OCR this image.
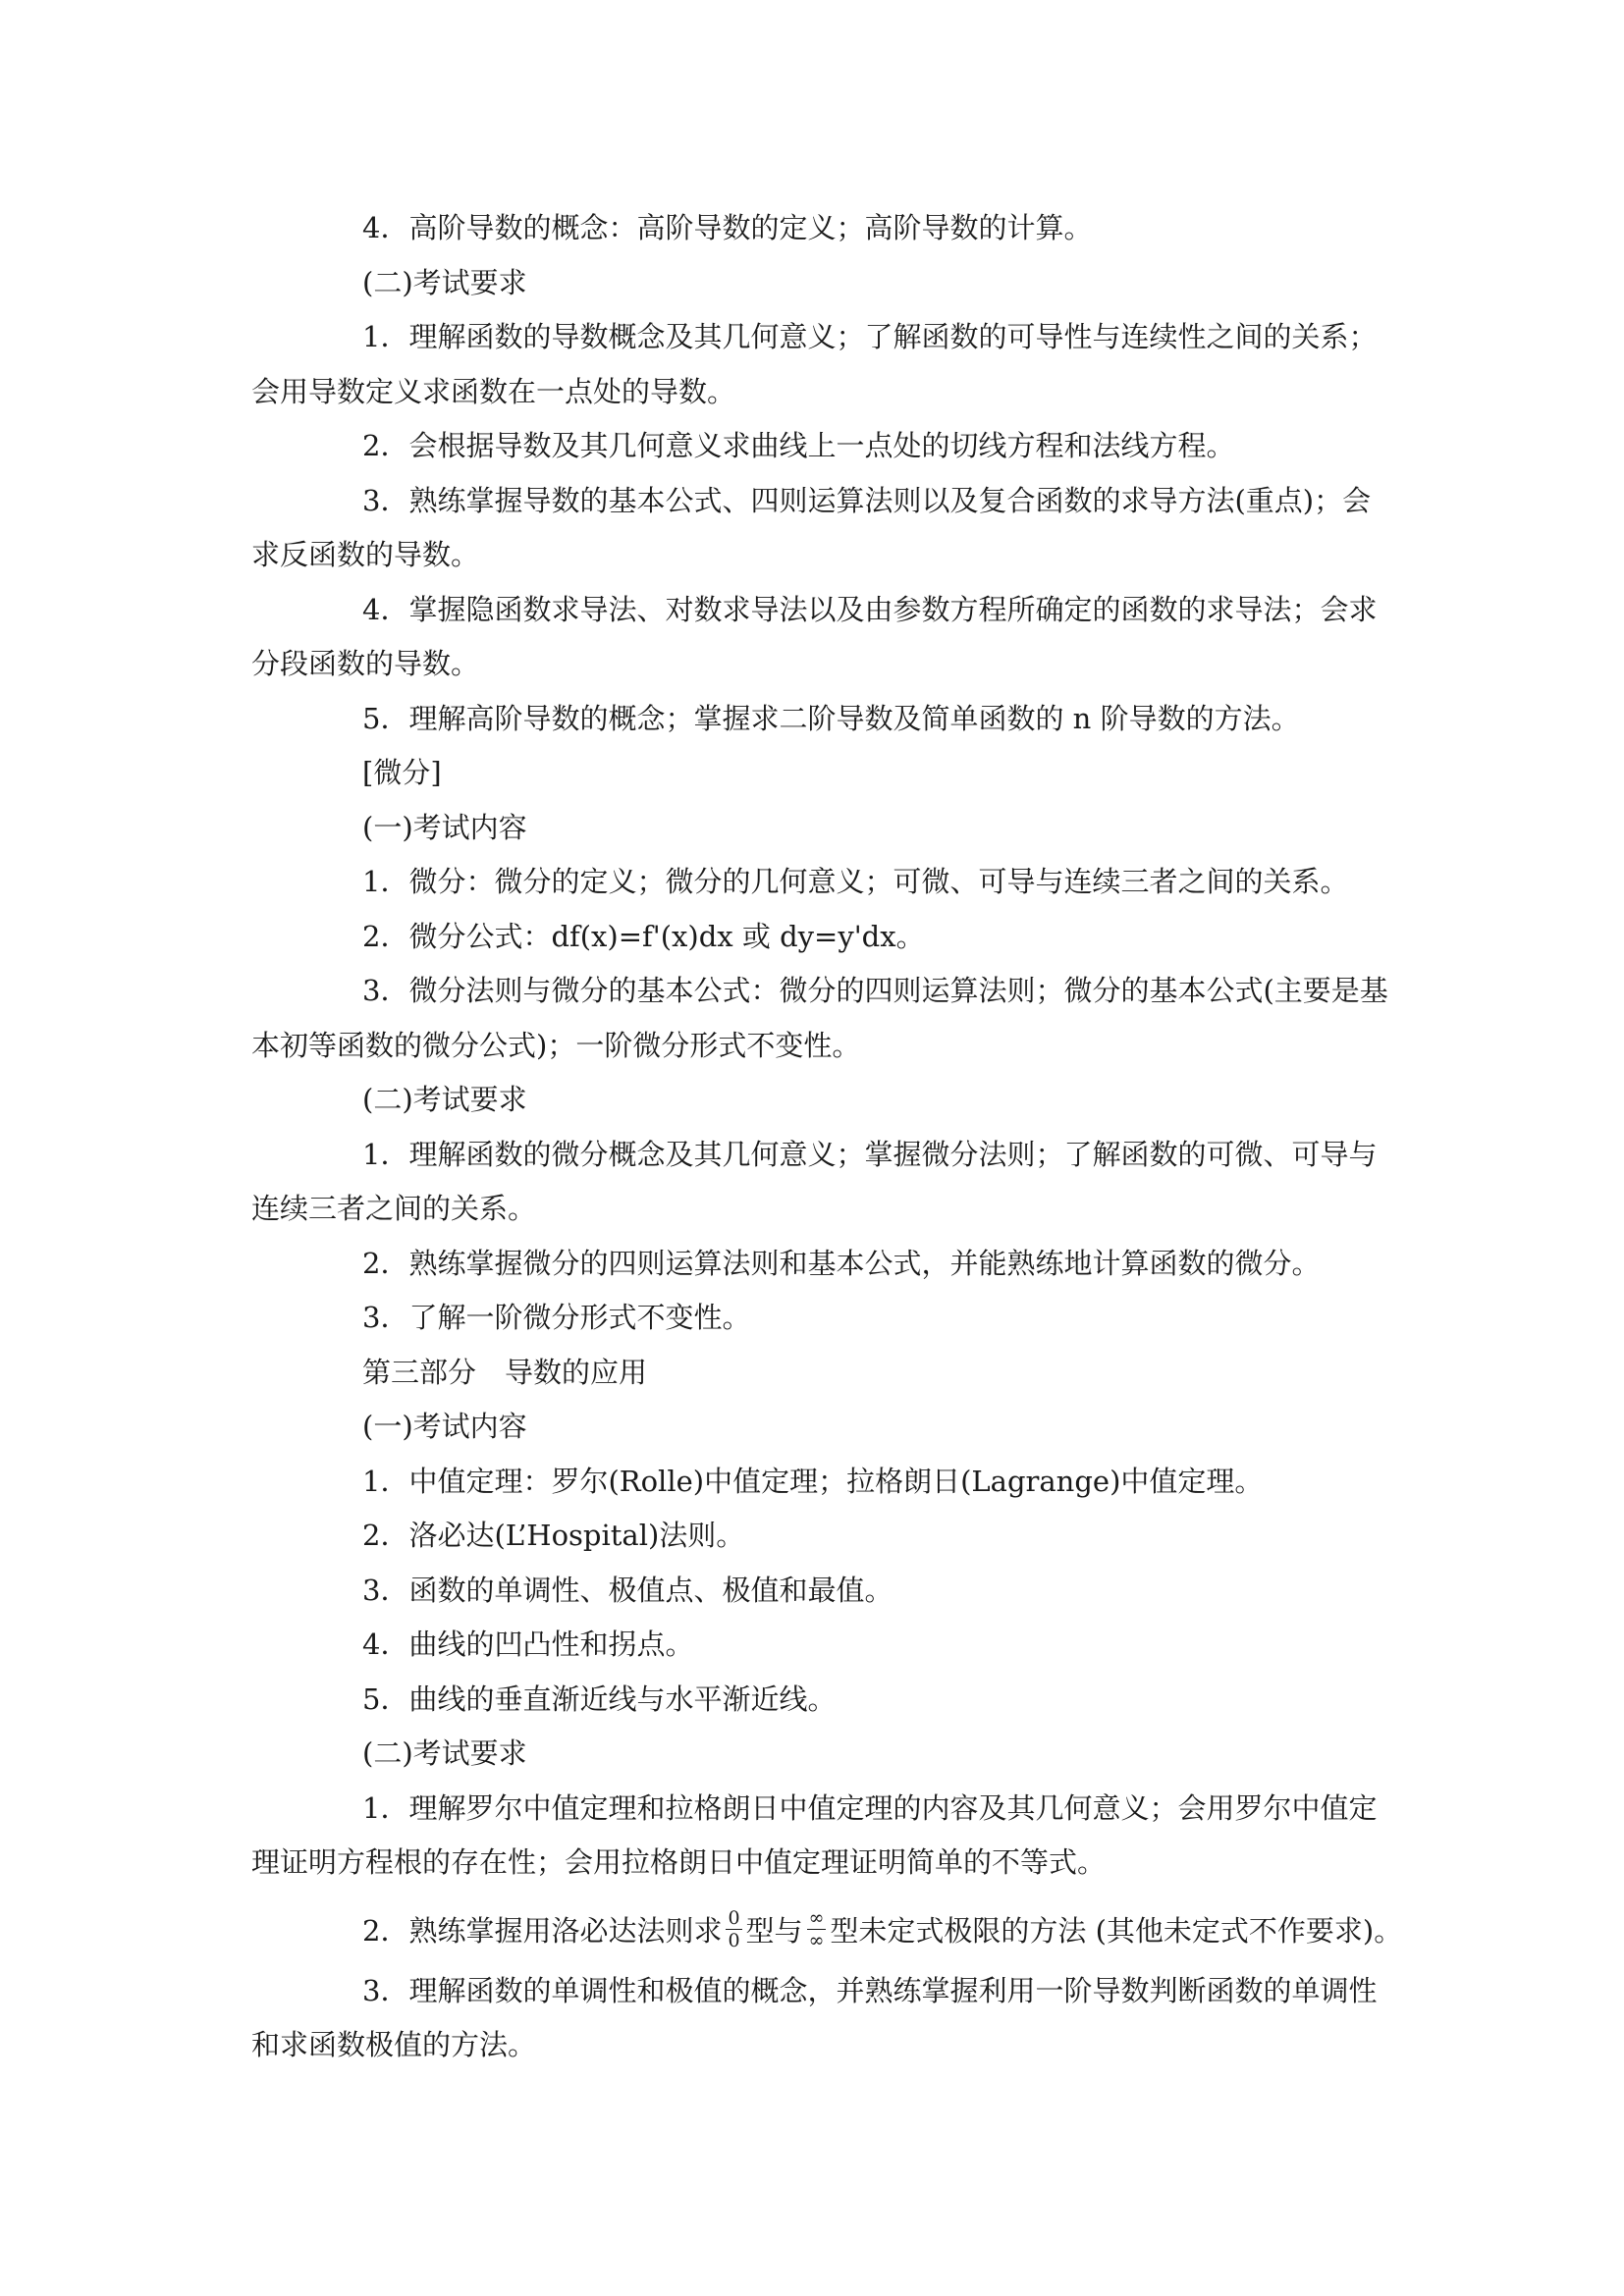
4．高阶导数的概念：高阶导数的定义；高阶导数的计算。
(二)考试要求
1．理解函数的导数概念及其几何意义；了解函数的可导性与连续性之间的关系；
会用导数定义求函数在一点处的导数。
2．会根据导数及其几何意义求曲线上一点处的切线方程和法线方程。
3．熟练掌握导数的基本公式、四则运算法则以及复合函数的求导方法(重点)；会
求反函数的导数。
4．掌握隐函数求导法、对数求导法以及由参数方程所确定的函数的求导法；会求
分段函数的导数。
5．理解高阶导数的概念；掌握求二阶导数及简单函数的 n 阶导数的方法。
[微分]
(一)考试内容
1．微分：微分的定义；微分的几何意义；可微、可导与连续三者之间的关系。
2．微分公式：df(x)=f'(x)dx 或 dy=y'dx。
3．微分法则与微分的基本公式：微分的四则运算法则；微分的基本公式(主要是基
本初等函数的微分公式)；一阶微分形式不变性。
(二)考试要求
1．理解函数的微分概念及其几何意义；掌握微分法则；了解函数的可微、可导与
连续三者之间的关系。
2．熟练掌握微分的四则运算法则和基本公式，并能熟练地计算函数的微分。
3．了解一阶微分形式不变性。
第三部分　导数的应用
(一)考试内容
1．中值定理：罗尔(Rolle)中值定理；拉格朗日(Lagrange)中值定理。
2．洛必达(L’Hospital)法则。
3．函数的单调性、极值点、极值和最值。
4．曲线的凹凸性和拐点。
5．曲线的垂直渐近线与水平渐近线。
(二)考试要求
1．理解罗尔中值定理和拉格朗日中值定理的内容及其几何意义；会用罗尔中值定
理证明方程根的存在性；会用拉格朗日中值定理证明简单的不等式。
2．熟练掌握用洛必达法则求 $\frac{0}{0}$ 型与 $\frac{\infty}{\infty}$ 型未定式极限的方法 (其他未定式不作要求)。
3．理解函数的单调性和极值的概念，并熟练掌握利用一阶导数判断函数的单调性
和求函数极值的方法。
